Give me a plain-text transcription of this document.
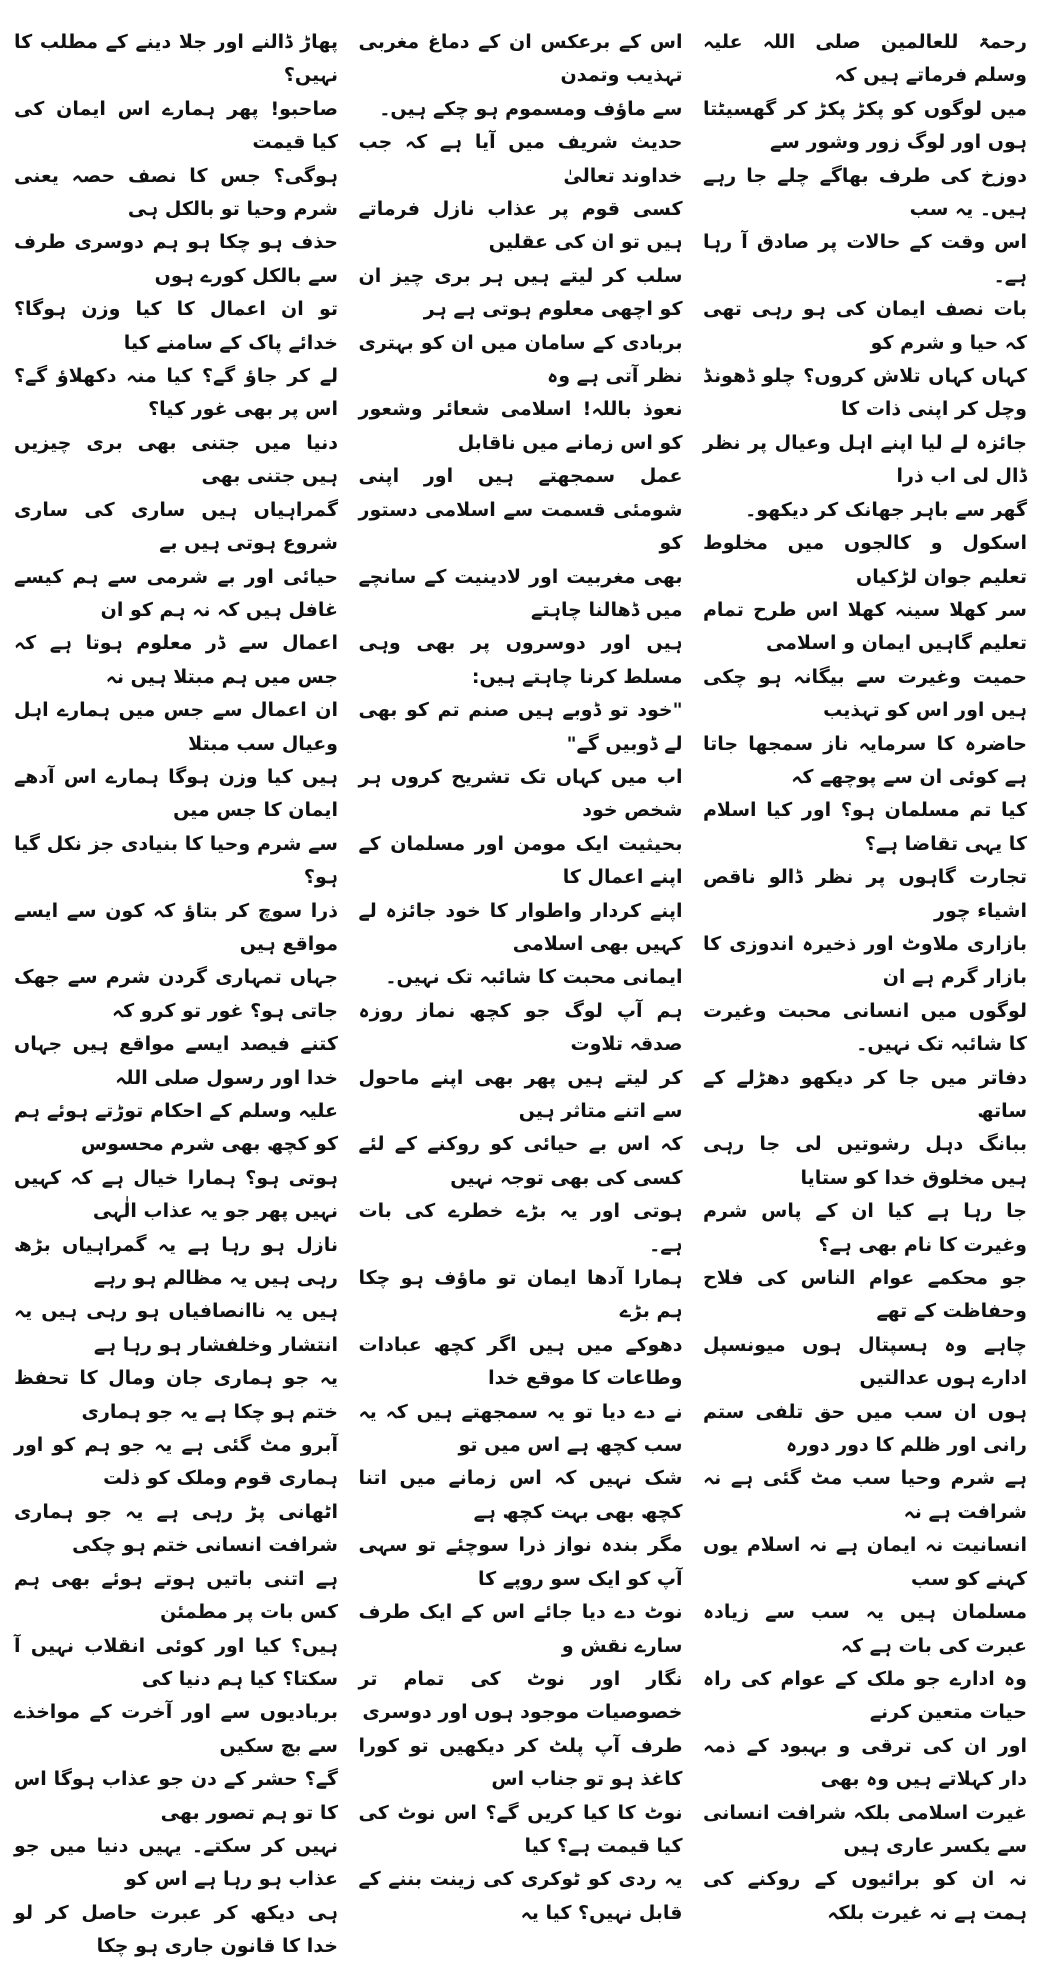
رحمۃ للعالمین صلی اللہ علیہ وسلم فرماتے ہیں کہ

میں لوگوں کو پکڑ پکڑ کر گھسیٹتا ہوں اور لوگ زور وشور سے

دوزخ کی طرف بھاگے چلے جا رہے ہیں۔ یہ سب

اس وقت کے حالات پر صادق آ رہا ہے۔

بات نصف ایمان کی ہو رہی تھی کہ حیا و شرم کو

کہاں کہاں تلاش کروں؟ چلو ڈھونڈ وچل کر اپنی ذات کا

جائزہ لے لیا اپنے اہل وعیال پر نظر ڈال لی اب ذرا

گھر سے باہر جھانک کر دیکھو۔

اسکول و کالجوں میں مخلوط تعلیم جوان لڑکیاں

سر کھلا سینہ کھلا اس طرح تمام تعلیم گاہیں ایمان و اسلامی

حمیت وغیرت سے بیگانہ ہو چکی ہیں اور اس کو تہذیب

حاضرہ کا سرمایہ ناز سمجھا جاتا ہے کوئی ان سے پوچھے کہ

کیا تم مسلمان ہو؟ اور کیا اسلام کا یہی تقاضا ہے؟

تجارت گاہوں پر نظر ڈالو ناقص اشیاء چور

بازاری ملاوٹ اور ذخیرہ اندوزی کا بازار گرم ہے ان

لوگوں میں انسانی محبت وغیرت کا شائبہ تک نہیں۔

دفاتر میں جا کر دیکھو دھڑلے کے ساتھ

ببانگ دہل رشوتیں لی جا رہی ہیں مخلوق خدا کو ستایا

جا رہا ہے کیا ان کے پاس شرم وغیرت کا نام بھی ہے؟

جو محکمے عوام الناس کی فلاح وحفاظت کے تھے

چاہے وہ ہسپتال ہوں میونسپل ادارے ہوں عدالتیں

ہوں ان سب میں حق تلفی ستم رانی اور ظلم کا دور دورہ

ہے شرم وحیا سب مٹ گئی ہے نہ شرافت ہے نہ

انسانیت نہ ایمان ہے نہ اسلام یوں کہنے کو سب

مسلمان ہیں یہ سب سے زیادہ عبرت کی بات ہے کہ

وہ ادارے جو ملک کے عوام کی راہ حیات متعین کرنے

اور ان کی ترقی و بہبود کے ذمہ دار کہلاتے ہیں وہ بھی

غیرت اسلامی بلکہ شرافت انسانی سے یکسر عاری ہیں

نہ ان کو برائیوں کے روکنے کی ہمت ہے نہ غیرت بلکہ

اس کے برعکس ان کے دماغ مغربی تہذیب وتمدن

سے ماؤف ومسموم ہو چکے ہیں۔

حدیث شریف میں آیا ہے کہ جب خداوند تعالیٰ

کسی قوم پر عذاب نازل فرماتے ہیں تو ان کی عقلیں

سلب کر لیتے ہیں ہر بری چیز ان کو اچھی معلوم ہوتی ہے ہر

بربادی کے سامان میں ان کو بہتری نظر آتی ہے وہ

نعوذ باللہ! اسلامی شعائر وشعور کو اس زمانے میں ناقابل

عمل سمجھتے ہیں اور اپنی شومئی قسمت سے اسلامی دستور کو

بھی مغربیت اور لادینیت کے سانچے میں ڈھالنا چاہتے

ہیں اور دوسروں پر بھی وہی مسلط کرنا چاہتے ہیں:

"خود تو ڈوبے ہیں صنم تم کو بھی لے ڈوبیں گے"

اب میں کہاں تک تشریح کروں ہر شخص خود

بحیثیت ایک مومن اور مسلمان کے اپنے اعمال کا

اپنے کردار واطوار کا خود جائزہ لے کہیں بھی اسلامی

ایمانی محبت کا شائبہ تک نہیں۔

ہم آپ لوگ جو کچھ نماز روزہ صدقہ تلاوت

کر لیتے ہیں پھر بھی اپنے ماحول سے اتنے متاثر ہیں

کہ اس بے حیائی کو روکنے کے لئے کسی کی بھی توجہ نہیں

ہوتی اور یہ بڑے خطرے کی بات ہے۔

ہمارا آدھا ایمان تو ماؤف ہو چکا ہم بڑے

دھوکے میں ہیں اگر کچھ عبادات وطاعات کا موقع خدا

نے دے دیا تو یہ سمجھتے ہیں کہ یہ سب کچھ ہے اس میں تو

شک نہیں کہ اس زمانے میں اتنا کچھ بھی بہت کچھ ہے

مگر بندہ نواز ذرا سوچئے تو سہی آپ کو ایک سو روپے کا

نوٹ دے دیا جائے اس کے ایک طرف سارے نقش و

نگار اور نوٹ کی تمام تر خصوصیات موجود ہوں اور دوسری

طرف آپ پلٹ کر دیکھیں تو کورا کاغذ ہو تو جناب اس

نوٹ کا کیا کریں گے؟ اس نوٹ کی کیا قیمت ہے؟ کیا

یہ ردی کو ٹوکری کی زینت بننے کے قابل نہیں؟ کیا یہ

پھاڑ ڈالنے اور جلا دینے کے مطلب کا نہیں؟

صاحبو! پھر ہمارے اس ایمان کی کیا قیمت

ہوگی؟ جس کا نصف حصہ یعنی شرم وحیا تو بالکل ہی

حذف ہو چکا ہو ہم دوسری طرف سے بالکل کورے ہوں

تو ان اعمال کا کیا وزن ہوگا؟ خدائے پاک کے سامنے کیا

لے کر جاؤ گے؟ کیا منہ دکھلاؤ گے؟ اس پر بھی غور کیا؟

دنیا میں جتنی بھی بری چیزیں ہیں جتنی بھی

گمراہیاں ہیں ساری کی ساری شروع ہوتی ہیں بے

حیائی اور بے شرمی سے ہم کیسے غافل ہیں کہ نہ ہم کو ان

اعمال سے ڈر معلوم ہوتا ہے کہ جس میں ہم مبتلا ہیں نہ

ان اعمال سے جس میں ہمارے اہل وعیال سب مبتلا

ہیں کیا وزن ہوگا ہمارے اس آدھے ایمان کا جس میں

سے شرم وحیا کا بنیادی جز نکل گیا ہو؟

ذرا سوچ کر بتاؤ کہ کون سے ایسے مواقع ہیں

جہاں تمہاری گردن شرم سے جھک جاتی ہو؟ غور تو کرو کہ

کتنے فیصد ایسے مواقع ہیں جہاں خدا اور رسول صلی اللہ

علیہ وسلم کے احکام توڑتے ہوئے ہم کو کچھ بھی شرم محسوس

ہوتی ہو؟ ہمارا خیال ہے کہ کہیں نہیں پھر جو یہ عذاب الٰہی

نازل ہو رہا ہے یہ گمراہیاں بڑھ رہی ہیں یہ مظالم ہو رہے

ہیں یہ ناانصافیاں ہو رہی ہیں یہ انتشار وخلفشار ہو رہا ہے

یہ جو ہماری جان ومال کا تحفظ ختم ہو چکا ہے یہ جو ہماری

آبرو مٹ گئی ہے یہ جو ہم کو اور ہماری قوم وملک کو ذلت

اٹھانی پڑ رہی ہے یہ جو ہماری شرافت انسانی ختم ہو چکی

ہے اتنی باتیں ہوتے ہوئے بھی ہم کس بات پر مطمئن

ہیں؟ کیا اور کوئی انقلاب نہیں آ سکتا؟ کیا ہم دنیا کی

بربادیوں سے اور آخرت کے مواخذے سے بچ سکیں

گے؟ حشر کے دن جو عذاب ہوگا اس کا تو ہم تصور بھی

نہیں کر سکتے۔ یہیں دنیا میں جو عذاب ہو رہا ہے اس کو

ہی دیکھ کر عبرت حاصل کر لو خدا کا قانون جاری ہو چکا
